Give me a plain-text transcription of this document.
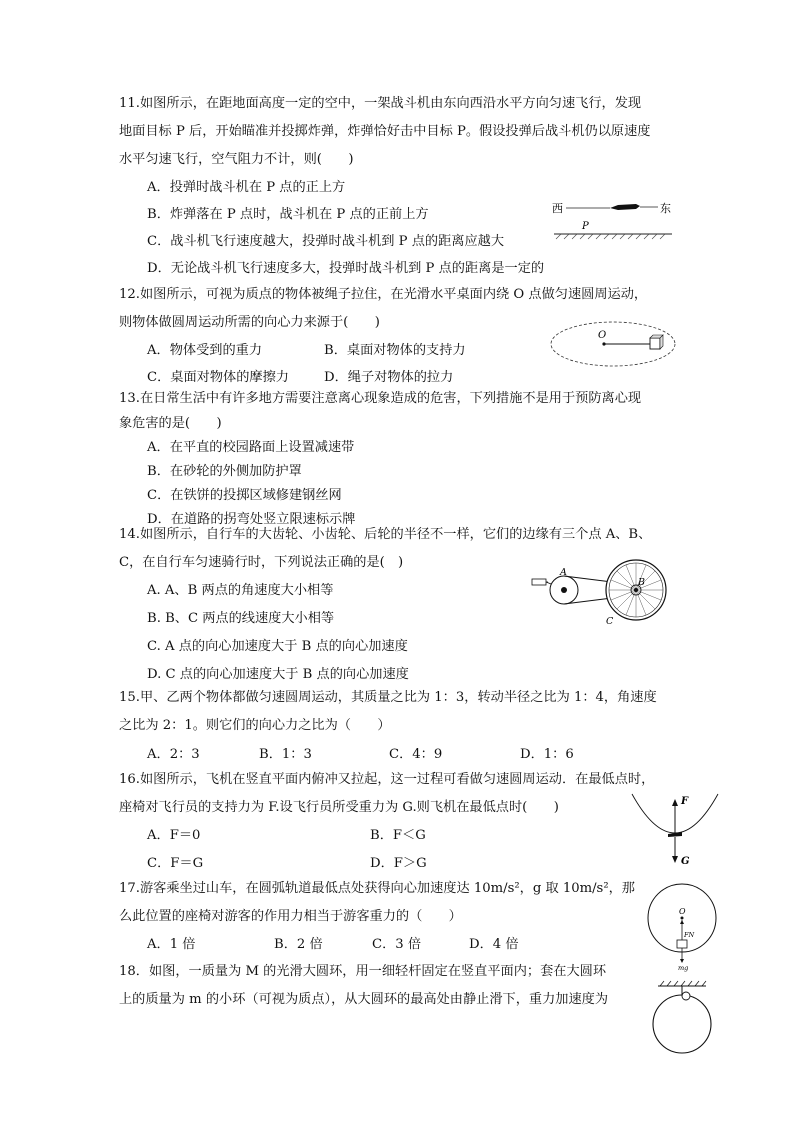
11.如图所示，在距地面高度一定的空中，一架战斗机由东向西沿水平方向匀速飞行，发现
地面目标 P 后，开始瞄准并投掷炸弹，炸弹恰好击中目标 P。假设投弹后战斗机仍以原速度
水平匀速飞行，空气阻力不计，则(　　)
A．投弹时战斗机在 P 点的正上方
B．炸弹落在 P 点时，战斗机在 P 点的正前上方
C．战斗机飞行速度越大，投弹时战斗机到 P 点的距离应越大
D．无论战斗机飞行速度多大，投弹时战斗机到 P 点的距离是一定的
西	东
P
12.如图所示，可视为质点的物体被绳子拉住，在光滑水平桌面内绕 O 点做匀速圆周运动，
则物体做圆周运动所需的向心力来源于(　　)
A．物体受到的重力	B．桌面对物体的支持力
C．桌面对物体的摩擦力	D．绳子对物体的拉力
O
13.在日常生活中有许多地方需要注意离心现象造成的危害，下列措施不是用于预防离心现
象危害的是(　　)
A．在平直的校园路面上设置减速带
B．在砂轮的外侧加防护罩
C．在铁饼的投掷区域修建钢丝网
D．在道路的拐弯处竖立限速标示牌
14.如图所示，自行车的大齿轮、小齿轮、后轮的半径不一样，它们的边缘有三个点 A、B、
C，在自行车匀速骑行时，下列说法正确的是(　)
A. A、B 两点的角速度大小相等
B. B、C 两点的线速度大小相等
C. A 点的向心加速度大于 B 点的向心加速度
D. C 点的向心加速度大于 B 点的向心加速度
A
B
C
15.甲、乙两个物体都做匀速圆周运动，其质量之比为 1：3，转动半径之比为 1：4，角速度
之比为 2：1。则它们的向心力之比为（　　）
A．2：3	B．1：3	C．4：9	D．1：6
16.如图所示，飞机在竖直平面内俯冲又拉起，这一过程可看做匀速圆周运动．在最低点时，
座椅对飞行员的支持力为 F.设飞行员所受重力为 G.则飞机在最低点时(　　)
A．F＝0	B．F＜G
C．F＝G	D．F＞G
F
G
17.游客乘坐过山车，在圆弧轨道最低点处获得向心加速度达 10m/s²，g 取 10m/s²，那
么此位置的座椅对游客的作用力相当于游客重力的（　　）
A．1 倍	B．2 倍	C．3 倍	D．4 倍
O
FN
mg
18．如图，一质量为 M 的光滑大圆环，用一细轻杆固定在竖直平面内；套在大圆环
上的质量为 m 的小环（可视为质点），从大圆环的最高处由静止滑下，重力加速度为
